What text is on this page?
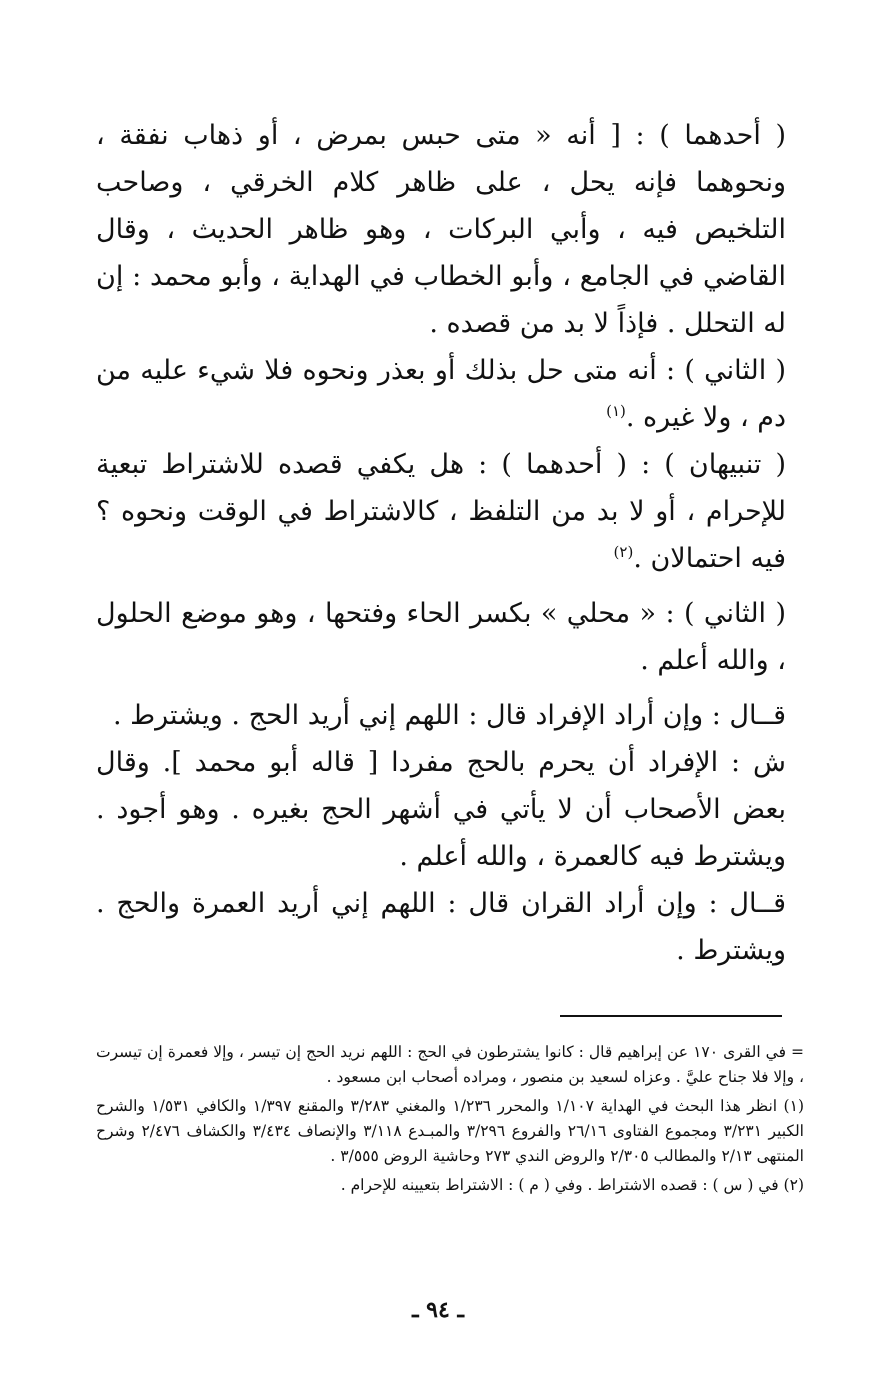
( أحدهما ) : [ أنه « متى حبس بمرض ، أو ذهاب نفقة ، ونحوهما فإنه يحل ، على ظاهر كلام الخرقي ، وصاحب التلخيص فيه ، وأبي البركات ، وهو ظاهر الحديث ، وقال القاضي في الجامع ، وأبو الخطاب في الهداية ، وأبو محمد : إن له التحلل . فإذاً لا بد من قصده .

( الثاني ) : أنه متى حل بذلك أو بعذر ونحوه فلا شيء عليه من دم ، ولا غيره .$^{(١)}$

( تنبيهان ) : ( أحدهما ) : هل يكفي قصده للاشتراط تبعية للإحرام ، أو لا بد من التلفظ ، كالاشتراط في الوقت ونحوه ؟ فيه احتمالان .$^{(٢)}$

( الثاني ) : « محلي » بكسر الحاء وفتحها ، وهو موضع الحلول ، والله أعلم .

قــال : وإن أراد الإفراد قال : اللهم إني أريد الحج . ويشترط .

ش : الإفراد أن يحرم بالحج مفردا [ قاله أبو محمد ]. وقال بعض الأصحاب أن لا يأتي في أشهر الحج بغيره . وهو أجود . ويشترط فيه كالعمرة ، والله أعلم .

قــال : وإن أراد القران قال : اللهم إني أريد العمرة والحج . ويشترط .

= في القرى ١٧٠ عن إبراهيم قال : كانوا يشترطون في الحج : اللهم نريد الحج إن تيسر ، وإلا فعمرة إن تيسرت ، وإلا فلا جناح عليَّ . وعزاه لسعيد بن منصور ، ومراده أصحاب ابن مسعود .

(١) انظر هذا البحث في الهداية ١/١٠٧ والمحرر ١/٢٣٦ والمغني ٣/٢٨٣ والمقنع ١/٣٩٧ والكافي ١/٥٣١ والشرح الكبير ٣/٢٣١ ومجموع الفتاوى ٢٦/١٦ والفروع ٣/٢٩٦ والمبـدع ٣/١١٨ والإنصاف ٣/٤٣٤ والكشاف ٢/٤٧٦ وشرح المنتهى ٢/١٣ والمطالب ٢/٣٠٥ والروض الندي ٢٧٣ وحاشية الروض ٣/٥٥٥ .

(٢) في ( س ) : قصده الاشتراط . وفي ( م ) : الاشتراط بتعيينه للإحرام .

ـ ٩٤ ـ
